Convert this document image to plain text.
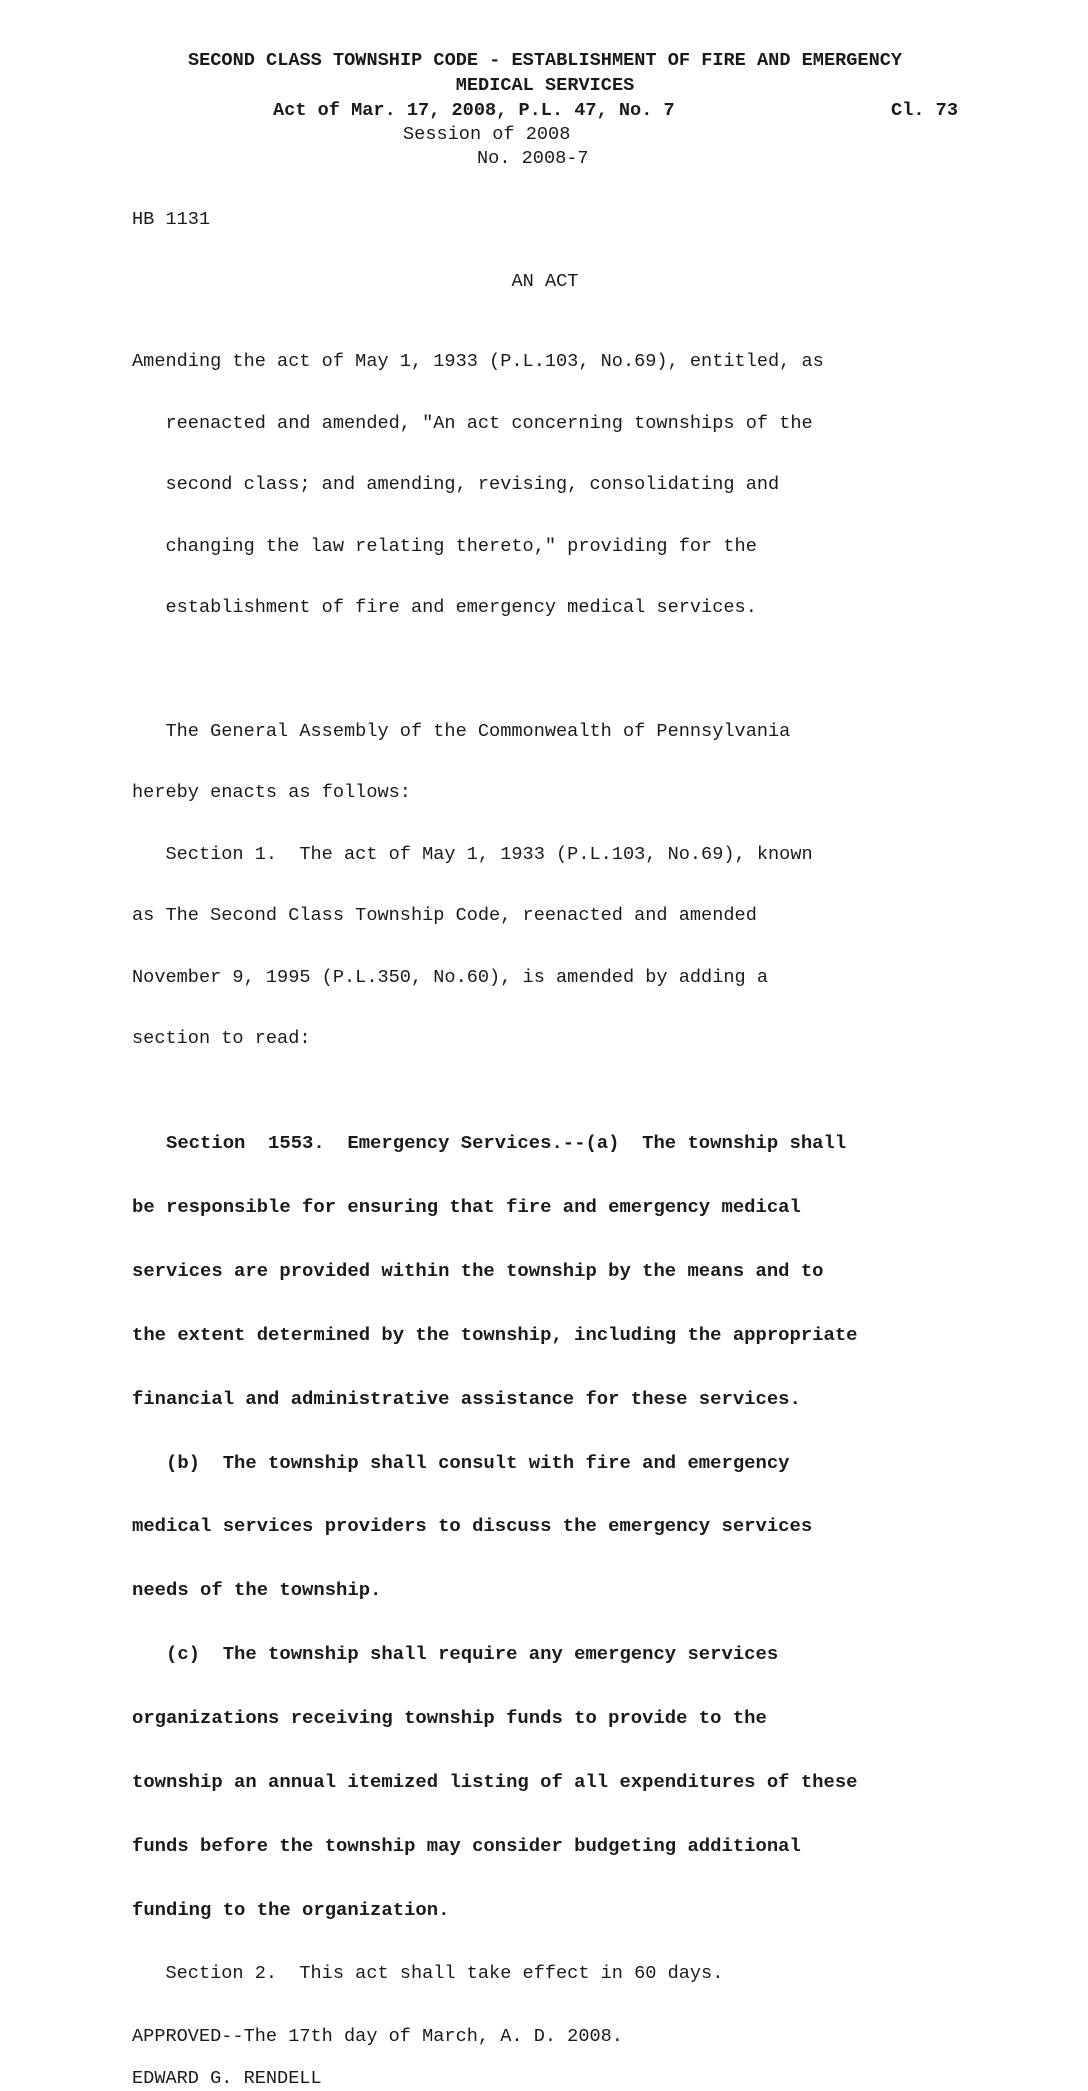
SECOND CLASS TOWNSHIP CODE - ESTABLISHMENT OF FIRE AND EMERGENCY

MEDICAL SERVICES

Act of Mar. 17, 2008, P.L. 47, No. 7	Cl. 73
Session of 2008
No. 2008-7
HB 1131
AN ACT

Amending the act of May 1, 1933 (P.L.103, No.69), entitled, as

reenacted and amended, "An act concerning townships of the

second class; and amending, revising, consolidating and

changing the law relating thereto," providing for the

establishment of fire and emergency medical services.

The General Assembly of the Commonwealth of Pennsylvania

hereby enacts as follows:

Section 1.  The act of May 1, 1933 (P.L.103, No.69), known

as The Second Class Township Code, reenacted and amended

November 9, 1995 (P.L.350, No.60), is amended by adding a

section to read:

Section  1553.  Emergency Services.--(a)  The township shall

be responsible for ensuring that fire and emergency medical

services are provided within the township by the means and to

the extent determined by the township, including the appropriate

financial and administrative assistance for these services.

(b)  The township shall consult with fire and emergency

medical services providers to discuss the emergency services

needs of the township.

(c)  The township shall require any emergency services

organizations receiving township funds to provide to the

township an annual itemized listing of all expenditures of these

funds before the township may consider budgeting additional

funding to the organization.

Section 2.  This act shall take effect in 60 days.
APPROVED--The 17th day of March, A. D. 2008.
EDWARD G. RENDELL
